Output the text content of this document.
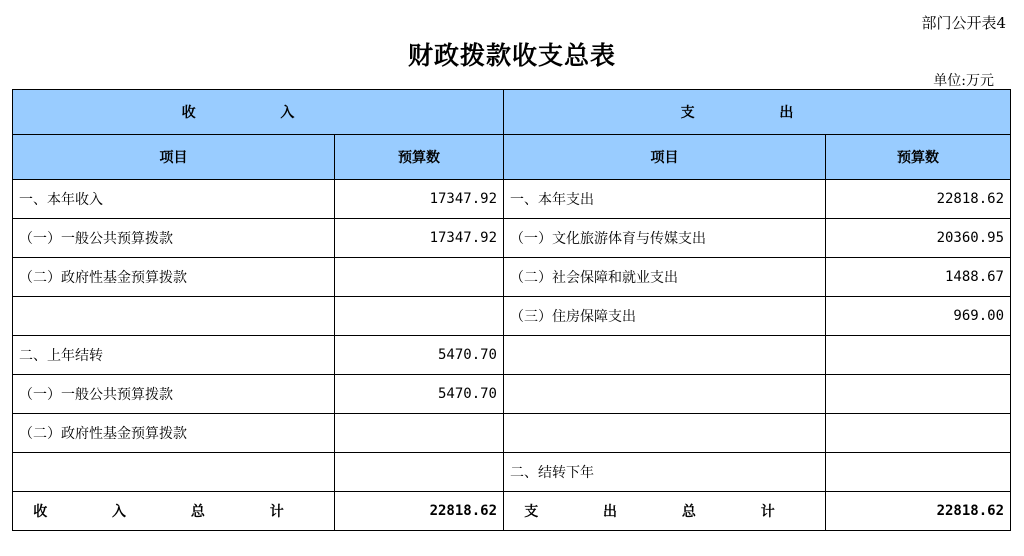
部门公开表4
财政拨款收支总表
单位:万元
收 入		支 出	
项目	预算数	项目	预算数
一、本年收入	17347.92	一、本年支出	22818.62
（一）一般公共预算拨款	17347.92	（一）文化旅游体育与传媒支出	20360.95
（二）政府性基金预算拨款		（二）社会保障和就业支出	1488.67
		（三）住房保障支出	969.00
二、上年结转	5470.70		
（一）一般公共预算拨款	5470.70		
（二）政府性基金预算拨款			
		二、结转下年	
收 入 总 计	22818.62	支 出 总 计	22818.62
